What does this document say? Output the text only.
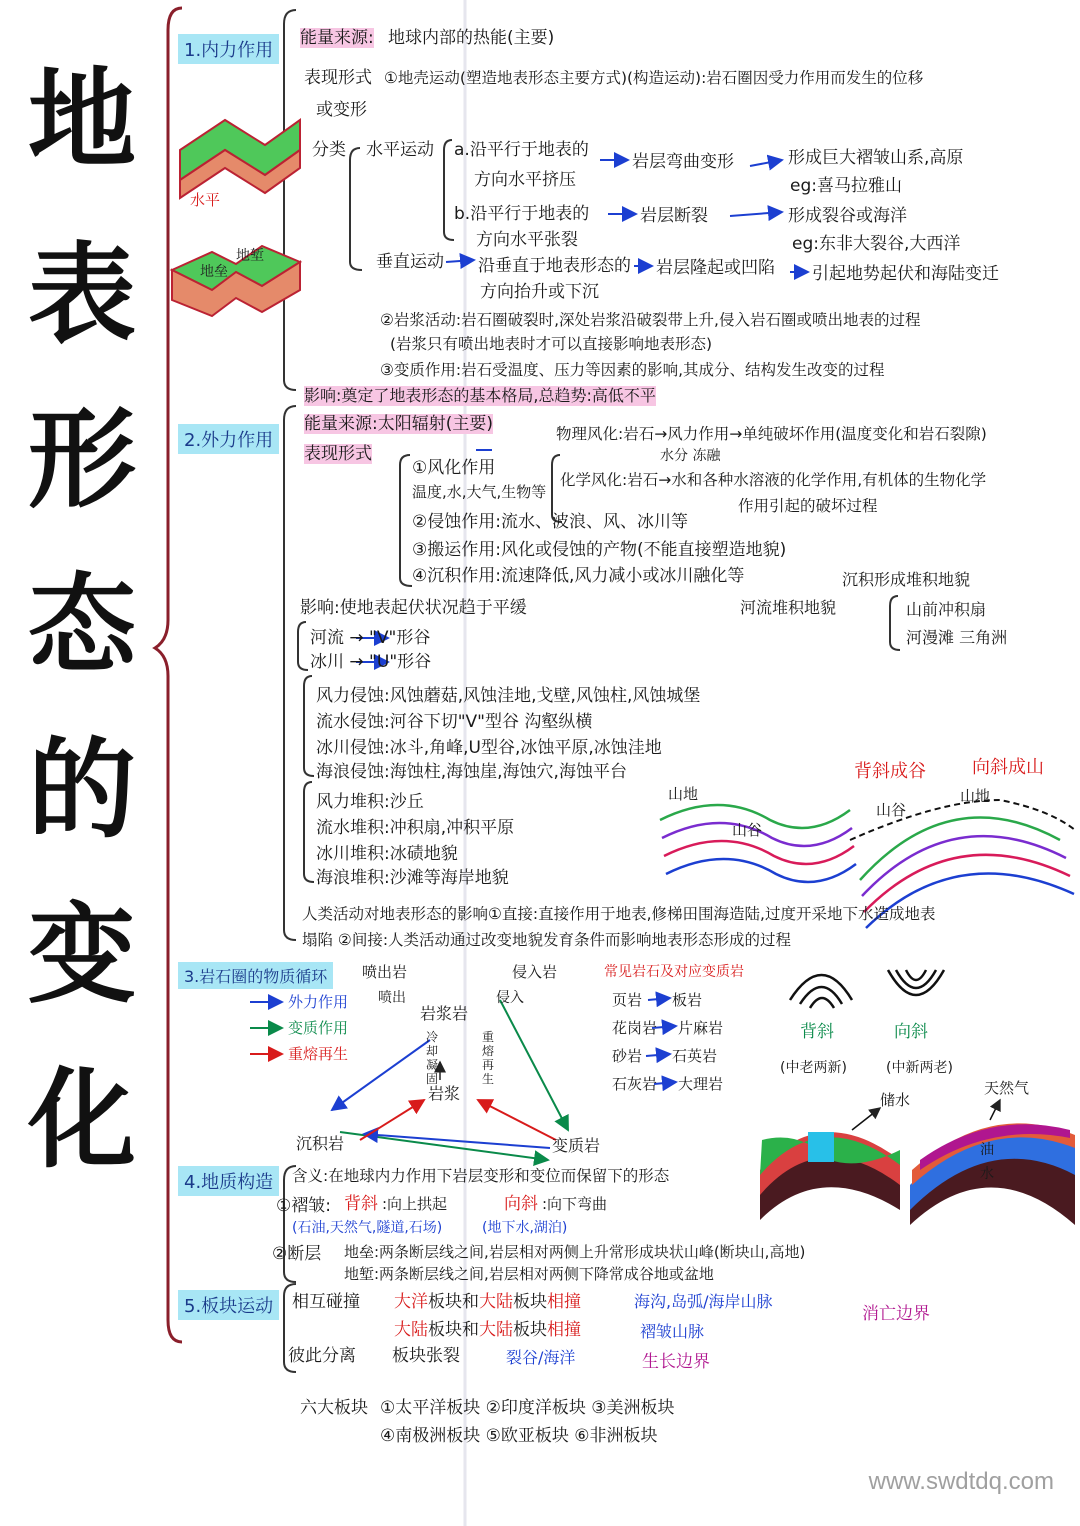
地
表
形
态
的
变
化
1.内力作用
水平
地垒
地堑
能量来源: 地球内部的热能(主要)
表现形式 ①地壳运动(塑造地表形态主要方式)(构造运动):岩石圈因受力作用而发生的位移
或变形
分类 水平运动 a.沿平行于地表的
方向水平挤压
岩层弯曲变形	形成巨大褶皱山系,高原
eg:喜马拉雅山
b.沿平行于地表的
方向水平张裂
岩层断裂	形成裂谷或海洋
eg:东非大裂谷,大西洋
垂直运动 沿垂直于地表形态的
方向抬升或下沉
岩层隆起或凹陷 引起地势起伏和海陆变迁
②岩浆活动:岩石圈破裂时,深处岩浆沿破裂带上升,侵入岩石圈或喷出地表的过程
(岩浆只有喷出地表时才可以直接影响地表形态)
③变质作用:岩石受温度、压力等因素的影响,其成分、结构发生改变的过程
影响:奠定了地表形态的基本格局,总趋势:高低不平
2.外力作用
能量来源:太阳辐射(主要)
表现形式
①风化作用
温度,水,大气,生物等
物理风化:岩石→风力作用→单纯破坏作用(温度变化和岩石裂隙)
水分 冻融
化学风化:岩石→水和各种水溶液的化学作用,有机体的生物化学
作用引起的破坏过程
②侵蚀作用:流水、波浪、风、冰川等
③搬运作用:风化或侵蚀的产物(不能直接塑造地貌)
④沉积作用:流速降低,风力减小或冰川融化等	沉积形成堆积地貌
影响:使地表起伏状况趋于平缓	河流堆积地貌	山前冲积扇
河漫滩 三角洲
河流 → "V"形谷
冰川 → "U"形谷
风力侵蚀:风蚀蘑菇,风蚀洼地,戈壁,风蚀柱,风蚀城堡
流水侵蚀:河谷下切"V"型谷 沟壑纵横
冰川侵蚀:冰斗,角峰,U型谷,冰蚀平原,冰蚀洼地
海浪侵蚀:海蚀柱,海蚀崖,海蚀穴,海蚀平台
风力堆积:沙丘
流水堆积:冲积扇,冲积平原
冰川堆积:冰碛地貌
海浪堆积:沙滩等海岸地貌
人类活动对地表形态的影响①直接:直接作用于地表,修梯田围海造陆,过度开采地下水造成地表
塌陷 ②间接:人类活动通过改变地貌发育条件而影响地表形态形成的过程
背斜成谷	向斜成山
山地
山谷
山谷
山地
3.岩石圈的物质循环
外力作用
变质作用
重熔再生
喷出岩
喷出
侵入岩
侵入
岩浆岩
冷却凝固
重熔再生
岩浆
沉积岩	变质岩
常见岩石及对应变质岩
页岩 板岩
花岗岩 片麻岩
砂岩 石英岩
石灰岩 大理岩
背斜	向斜
(中老两新)	(中新两老)
储水
天然气
油
水
4.地质构造	含义:在地球内力作用下岩层变形和变位而保留下的形态
①褶皱: 背斜 :向上拱起	向斜 :向下弯曲
(石油,天然气,隧道,石场)	(地下水,湖泊)
②断层 地垒:两条断层线之间,岩层相对两侧上升常形成块状山峰(断块山,高地)
地堑:两条断层线之间,岩层相对两侧下降常成谷地或盆地
5.板块运动	相互碰撞 大洋板块和大陆板块相撞	海沟,岛弧/海岸山脉
大陆板块和大陆板块相撞	褶皱山脉
消亡边界
彼此分离 板块张裂	裂谷/海洋	生长边界
六大板块 ①太平洋板块 ②印度洋板块 ③美洲板块
④南极洲板块 ⑤欧亚板块 ⑥非洲板块
www.swdtdq.com
